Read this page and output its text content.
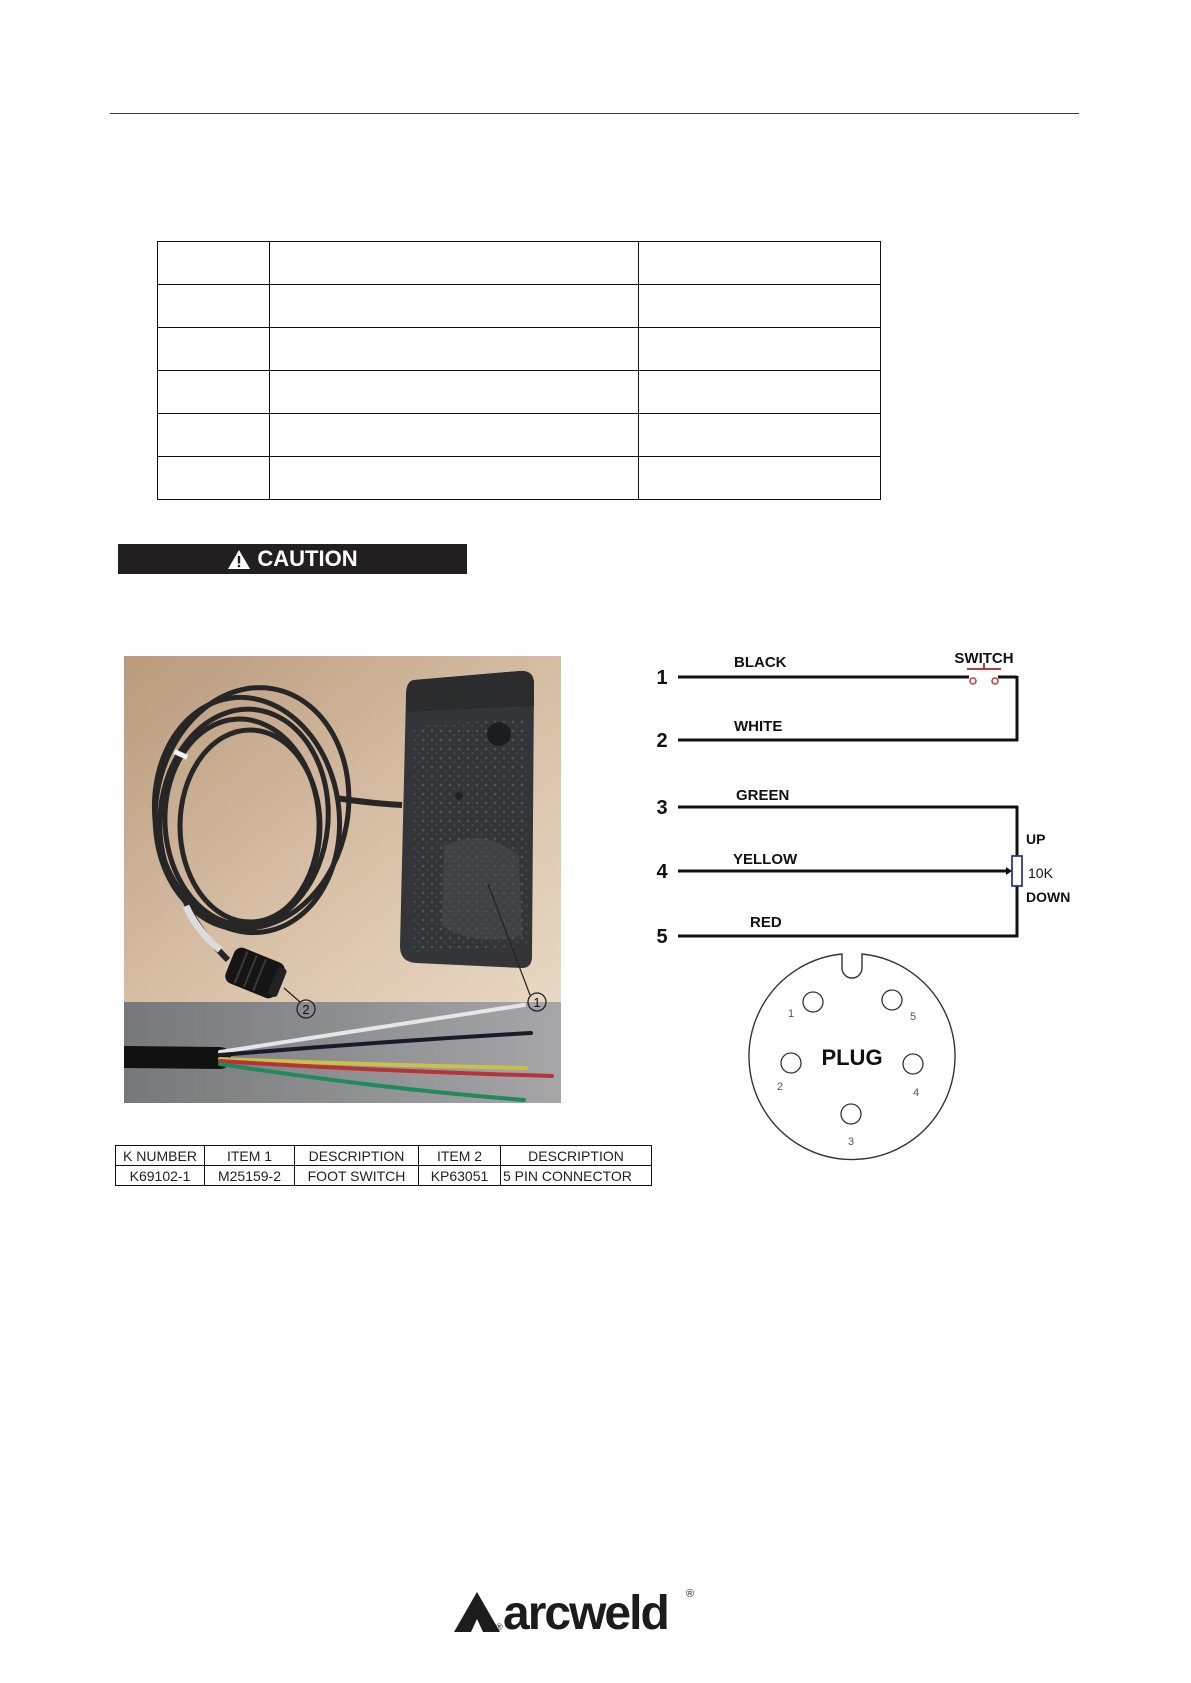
CAUTION
1
2
1
2
3
4
5
BLACK
WHITE
GREEN
YELLOW
RED
SWITCH
UP
DOWN
10K
PLUG
1
2
3
4
5
K NUMBER	ITEM 1	DESCRIPTION	ITEM 2	DESCRIPTION
K69102-1	M25159-2	FOOT SWITCH	KP63051	5 PIN CONNECTOR
® arcweld ®
